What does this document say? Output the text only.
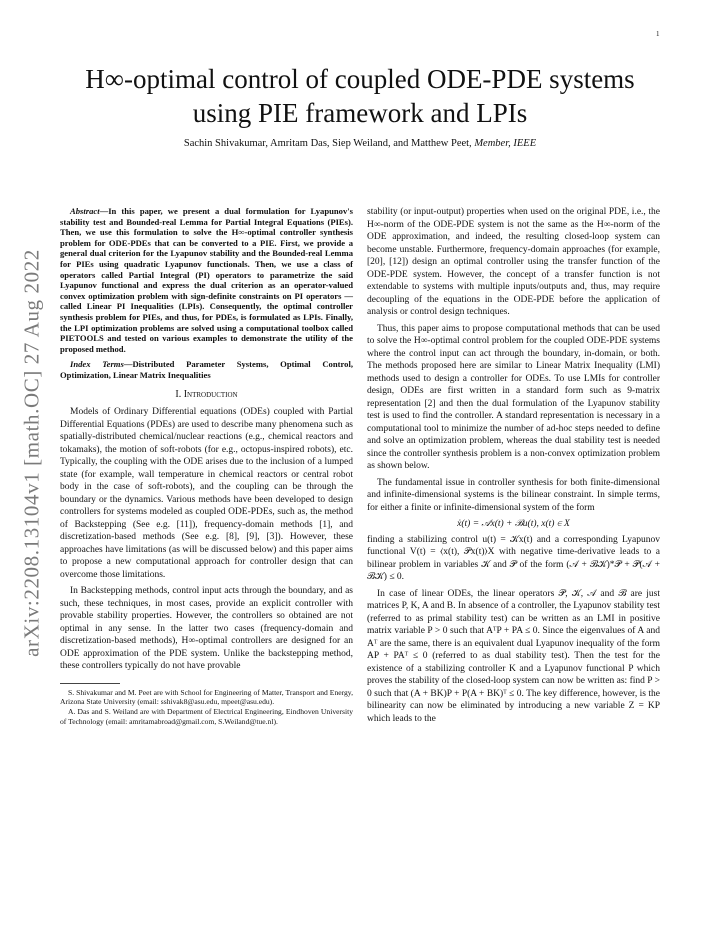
1
arXiv:2208.13104v1 [math.OC] 27 Aug 2022
H∞-optimal control of coupled ODE-PDE systems
using PIE framework and LPIs
Sachin Shivakumar, Amritam Das, Siep Weiland, and Matthew Peet, Member, IEEE

Abstract—In this paper, we present a dual formulation for Lyapunov's stability test and Bounded-real Lemma for Partial Integral Equations (PIEs). Then, we use this formulation to solve the H∞-optimal controller synthesis problem for ODE-PDEs that can be converted to a PIE. First, we provide a general dual criterion for the Lyapunov stability and the Bounded-real Lemma for PIEs using quadratic Lyapunov functionals. Then, we use a class of operators called Partial Integral (PI) operators to parametrize the said Lyapunov functional and express the dual criterion as an operator-valued convex optimization problem with sign-definite constraints on PI operators — called Linear PI Inequalities (LPIs). Consequently, the optimal controller synthesis problem for PIEs, and thus, for PDEs, is formulated as LPIs. Finally, the LPI optimization problems are solved using a computational toolbox called PIETOOLS and tested on various examples to demonstrate the utility of the proposed method.

Index Terms—Distributed Parameter Systems, Optimal Control, Optimization, Linear Matrix Inequalities

I. Introduction

Models of Ordinary Differential equations (ODEs) coupled with Partial Differential Equations (PDEs) are used to describe many phenomena such as spatially-distributed chemical/nuclear reactions (e.g., chemical reactors and tokamaks), the motion of soft-robots (for e.g., octopus-inspired robots), etc. Typically, the coupling with the ODE arises due to the inclusion of a lumped state (for example, wall temperature in chemical reactors or central robot body in the case of soft-robots), and the coupling can be through the boundary or the dynamics. Various methods have been developed to design controllers for systems modeled as coupled ODE-PDEs, such as, the method of Backstepping (See e.g. [11]), frequency-domain methods [1], and discretization-based methods (See e.g. [8], [9], [3]). However, these approaches have limitations (as will be discussed below) and this paper aims to propose a new computational approach for controller design that can overcome those limitations.

In Backstepping methods, control input acts through the boundary, and as such, these techniques, in most cases, provide an explicit controller with provable stability properties. However, the controllers so obtained are not optimal in any sense. In the latter two cases (frequency-domain and discretization-based methods), H∞-optimal controllers are designed for an ODE approximation of the PDE system. Unlike the backstepping method, these controllers typically do not have provable

S. Shivakumar and M. Peet are with School for Engineering of Matter, Transport and Energy, Arizona State University (email: sshivak8@asu.edu, mpeet@asu.edu).

A. Das and S. Weiland are with Department of Electrical Engineering, Eindhoven University of Technology (email: amritamabroad@gmail.com, S.Weiland@tue.nl).

stability (or input-output) properties when used on the original PDE, i.e., the H∞-norm of the ODE-PDE system is not the same as the H∞-norm of the ODE approximation, and indeed, the resulting closed-loop system can become unstable. Furthermore, frequency-domain approaches (for example, [20], [12]) design an optimal controller using the transfer function of the ODE-PDE system. However, the concept of a transfer function is not extendable to systems with multiple inputs/outputs and, thus, may require decoupling of the equations in the ODE-PDE before the application of analysis or control design techniques.

Thus, this paper aims to propose computational methods that can be used to solve the H∞-optimal control problem for the coupled ODE-PDE systems where the control input can act through the boundary, in-domain, or both. The methods proposed here are similar to Linear Matrix Inequality (LMI) methods used to design a controller for ODEs. To use LMIs for controller design, ODEs are first written in a standard form such as 9-matrix representation [2] and then the dual formulation of the Lyapunov stability test is used to find the controller. A standard representation is necessary in a computational tool to minimize the number of ad-hoc steps needed to define and solve an optimization problem, whereas the dual stability test is needed since the controller synthesis problem is a non-convex optimization problem as shown below.

The fundamental issue in controller synthesis for both finite-dimensional and infinite-dimensional systems is the bilinear constraint. In simple terms, for either a finite or infinite-dimensional system of the form

ẋ(t) = 𝒜x(t) + ℬu(t), x(t) ∈ X

finding a stabilizing control u(t) = 𝒦x(t) and a corresponding Lyapunov functional V(t) = ⟨x(t), 𝒫x(t)⟩X with negative time-derivative leads to a bilinear problem in variables 𝒦 and 𝒫 of the form (𝒜 + ℬ𝒦)*𝒫 + 𝒫(𝒜 + ℬ𝒦) ≤ 0.

In case of linear ODEs, the linear operators 𝒫, 𝒦, 𝒜 and ℬ are just matrices P, K, A and B. In absence of a controller, the Lyapunov stability test (referred to as primal stability test) can be written as an LMI in positive matrix variable P > 0 such that AᵀP + PA ≤ 0. Since the eigenvalues of A and Aᵀ are the same, there is an equivalent dual Lyapunov inequality of the form AP + PAᵀ ≤ 0 (referred to as dual stability test). Then the test for the existence of a stabilizing controller K and a Lyapunov functional P which proves the stability of the closed-loop system can now be written as: find P > 0 such that (A + BK)P + P(A + BK)ᵀ ≤ 0. The key difference, however, is the bilinearity can now be eliminated by introducing a new variable Z = KP which leads to the
